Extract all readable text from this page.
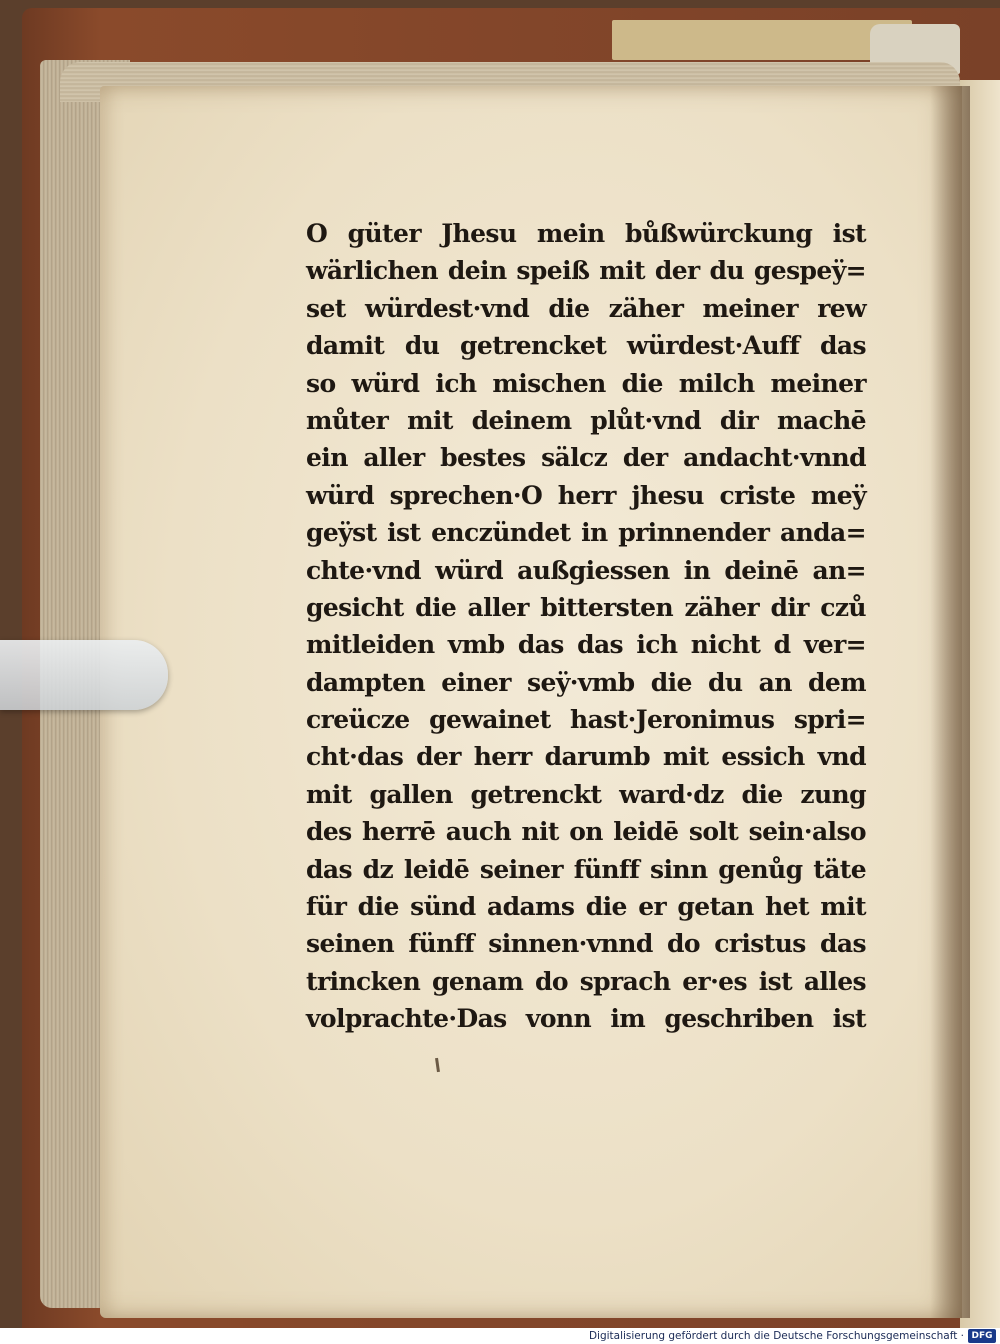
O güter Jhesu mein bůßwürckung ist
wärlichen dein speiß mit der du gespeÿ=
set würdest·vnd die zäher meiner rew
damit du getrencket würdest·Auff das
so würd ich mischen die milch meiner
můter mit deinem plůt·vnd dir machē
ein aller bestes sälcz der andacht·vnnd
würd sprechen·O herr jhesu criste meÿ
geÿst ist enczündet in prinnender anda=
chte·vnd würd außgiessen in deinē an=
gesicht die aller bittersten zäher dir czů
mitleiden vmb das das ich nicht d ver=
dampten einer seÿ·vmb die du an dem
creücze gewainet hast·Jeronimus spri=
cht·das der herr darumb mit essich vnd
mit gallen getrenckt ward·dz die zung
des herrē auch nit on leidē solt sein·also
das dz leidē seiner fünff sinn genůg täte
für die sünd adams die er getan het mit
seinen fünff sinnen·vnnd do cristus das
trincken genam do sprach er·es ist alles
volprachte·Das vonn im geschriben ist
Digitalisierung gefördert durch die Deutsche Forschungsgemeinschaft · DFG
